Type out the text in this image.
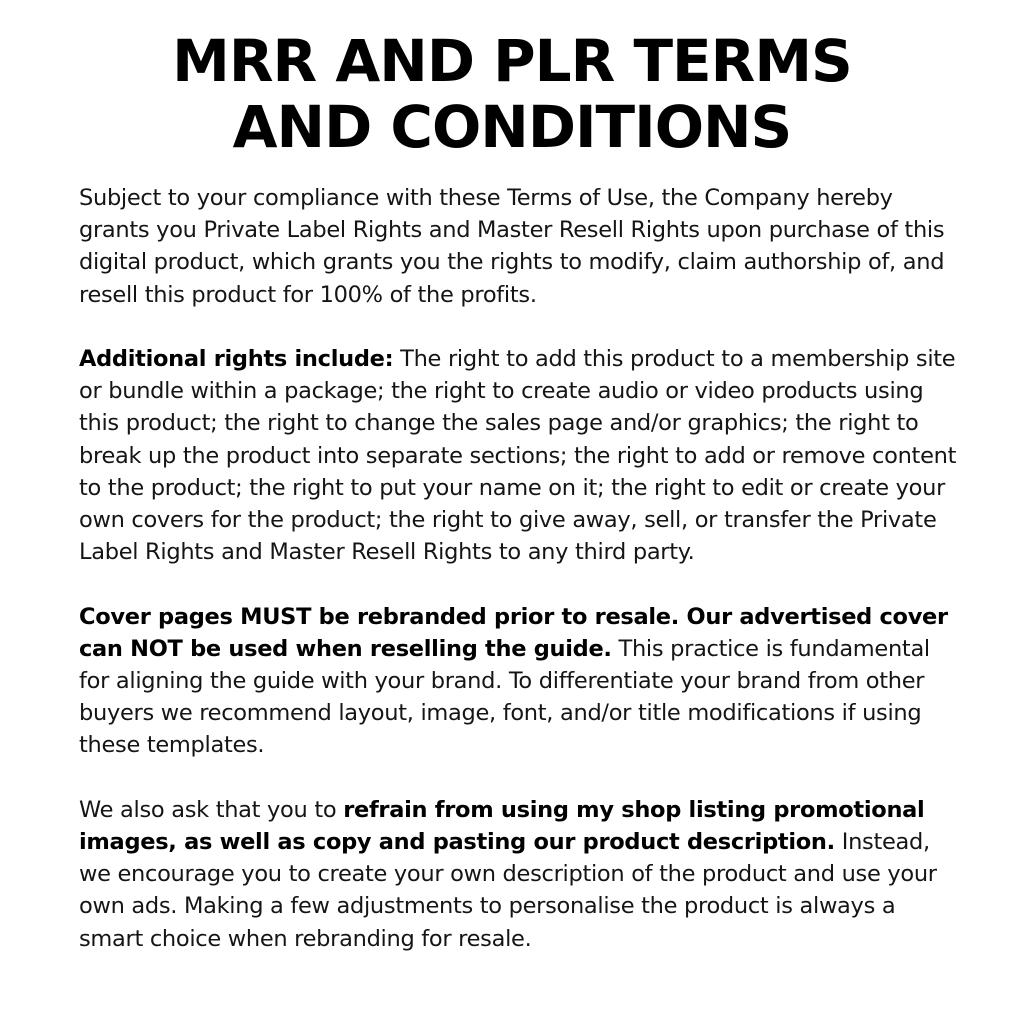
MRR AND PLR TERMS
AND CONDITIONS

Subject to your compliance with these Terms of Use, the Company hereby grants you Private Label Rights and Master Resell Rights upon purchase of this digital product, which grants you the rights to modify, claim authorship of, and resell this product for 100% of the profits.

Additional rights include: The right to add this product to a membership site or bundle within a package; the right to create audio or video products using this product; the right to change the sales page and/or graphics; the right to break up the product into separate sections; the right to add or remove content to the product; the right to put your name on it; the right to edit or create your own covers for the product; the right to give away, sell, or transfer the Private Label Rights and Master Resell Rights to any third party.

Cover pages MUST be rebranded prior to resale. Our advertised cover can NOT be used when reselling the guide. This practice is fundamental for aligning the guide with your brand. To differentiate your brand from other buyers we recommend layout, image, font, and/or title modifications if using these templates.

We also ask that you to refrain from using my shop listing promotional images, as well as copy and pasting our product description. Instead, we encourage you to create your own description of the product and use your own ads. Making a few adjustments to personalise the product is always a smart choice when rebranding for resale.
